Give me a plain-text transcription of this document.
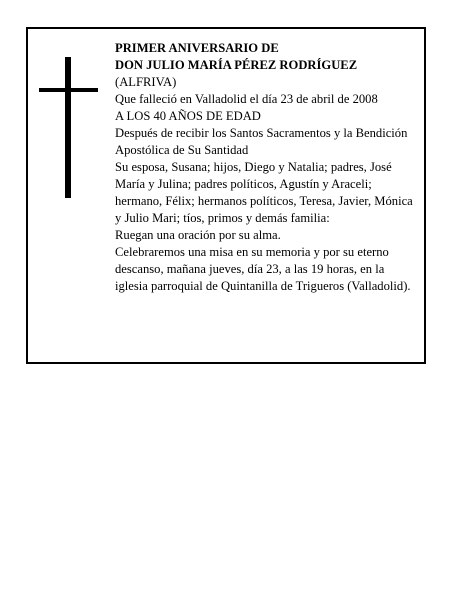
PRIMER ANIVERSARIO DE

DON JULIO MARÍA PÉREZ RODRÍGUEZ

(ALFRIVA)

Que falleció en Valladolid el día 23 de abril de 2008

A LOS 40 AÑOS DE EDAD

Después de recibir los Santos Sacramentos y la Bendición Apostólica de Su Santidad

Su esposa, Susana; hijos, Diego y Natalia; padres, José María y Julina; padres políticos, Agustín y Araceli; hermano, Félix; hermanos políticos, Teresa, Javier, Mónica y Julio Mari; tíos, primos y demás familia:

Ruegan una oración por su alma.

Celebraremos una misa en su memoria y por su eterno descanso, mañana jueves, día 23, a las 19 horas, en la iglesia parroquial de Quintanilla de Trigueros (Valladolid).
